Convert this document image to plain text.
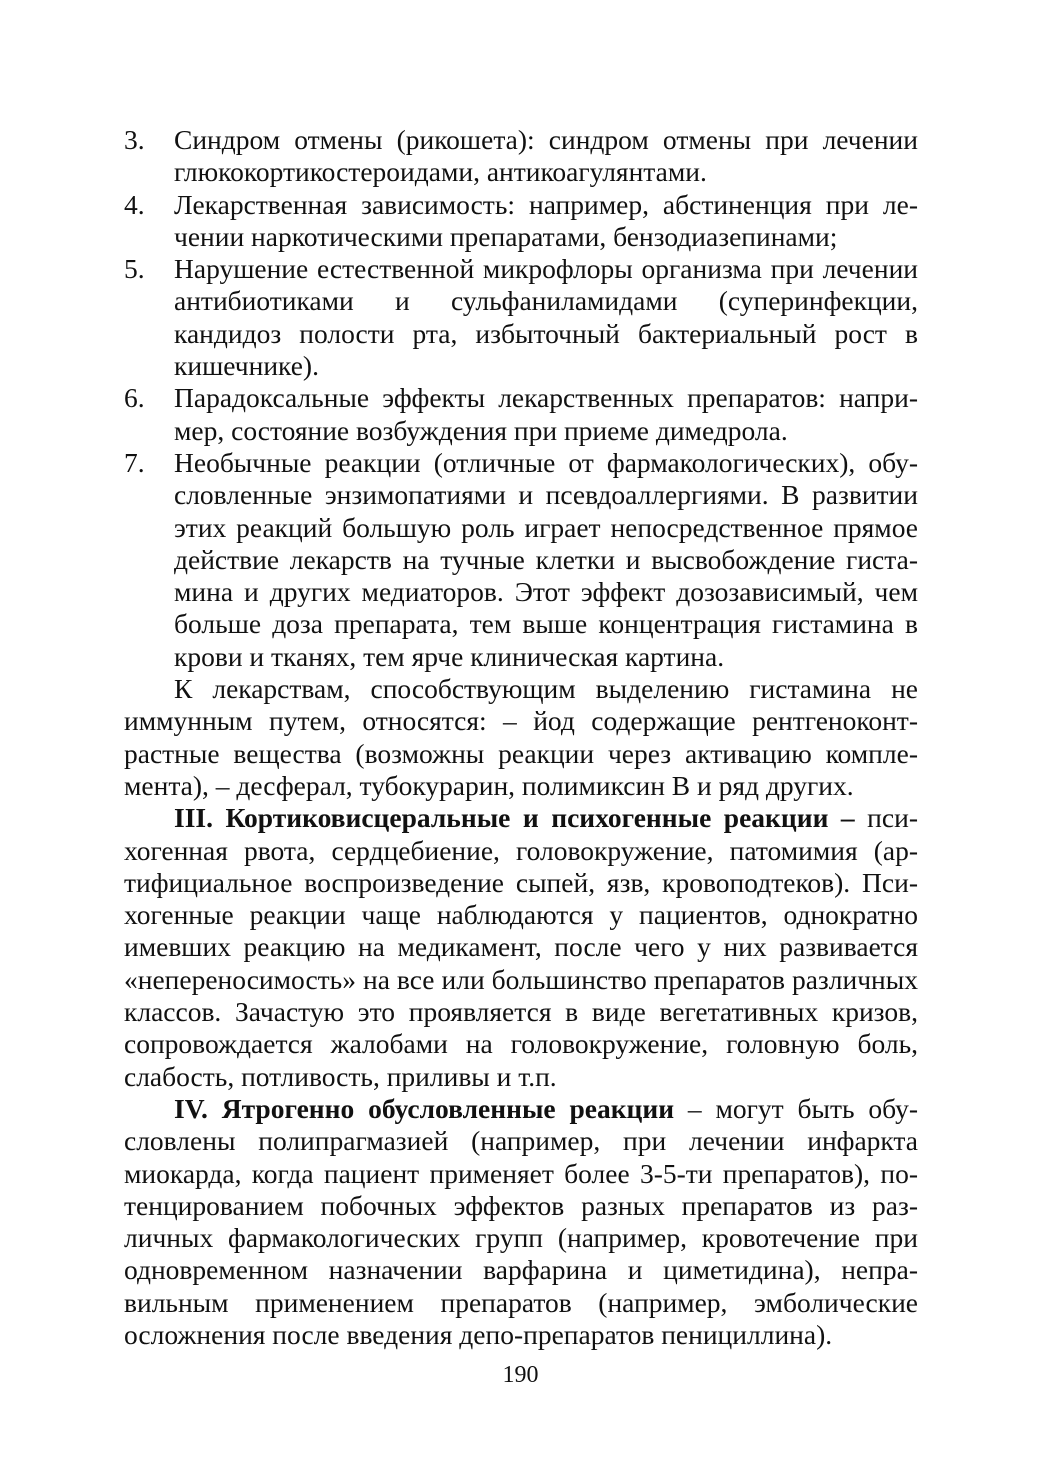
3.	Синдром отмены (рикошета): синдром отмены при лечении глюкокортикостероидами, антикоагулянтами.
4.	Лекарственная зависимость: например, абстиненция при лечении наркотическими препаратами, бензодиазепинами;
5.	Нарушение естественной микрофлоры организма при лечении антибиотиками и сульфаниламидами (суперинфекции, кандидоз полости рта, избыточный бактериальный рост в кишечнике).
6.	Парадоксальные эффекты лекарственных препаратов: например, состояние возбуждения при приеме димедрола.
7.	Необычные реакции (отличные от фармакологических), обусловленные энзимопатиями и псевдоаллергиями. В развитии этих реакций большую роль играет непосредственное прямое действие лекарств на тучные клетки и высвобождение гистамина и других медиаторов. Этот эффект дозозависимый, чем больше доза препарата, тем выше концентрация гистамина в крови и тканях, тем ярче клиническая картина.

К лекарствам, способствующим выделению гистамина не иммунным путем, относятся: – йод содержащие рентгеноконтрастные вещества (возможны реакции через активацию комплемента), – десферал, тубокурарин, полимиксин В и ряд других.

III. Кортиковисцеральные и психогенные реакции – психогенная рвота, сердцебиение, головокружение, патомимия (артифициальное воспроизведение сыпей, язв, кровоподтеков). Психогенные реакции чаще наблюдаются у пациентов, однократно имевших реакцию на медикамент, после чего у них развивается «непереносимость» на все или большинство препаратов различных классов. Зачастую это проявляется в виде вегетативных кризов, сопровождается жалобами на головокружение, головную боль, слабость, потливость, приливы и т.п.

IV. Ятрогенно обусловленные реакции – могут быть обусловлены полипрагмазией (например, при лечении инфаркта миокарда, когда пациент применяет более 3-5-ти препаратов), потенцированием побочных эффектов разных препаратов из различных фармакологических групп (например, кровотечение при одновременном назначении варфарина и циметидина), неправильным применением препаратов (например, эмболические осложнения после введения депо-препаратов пенициллина).

190
